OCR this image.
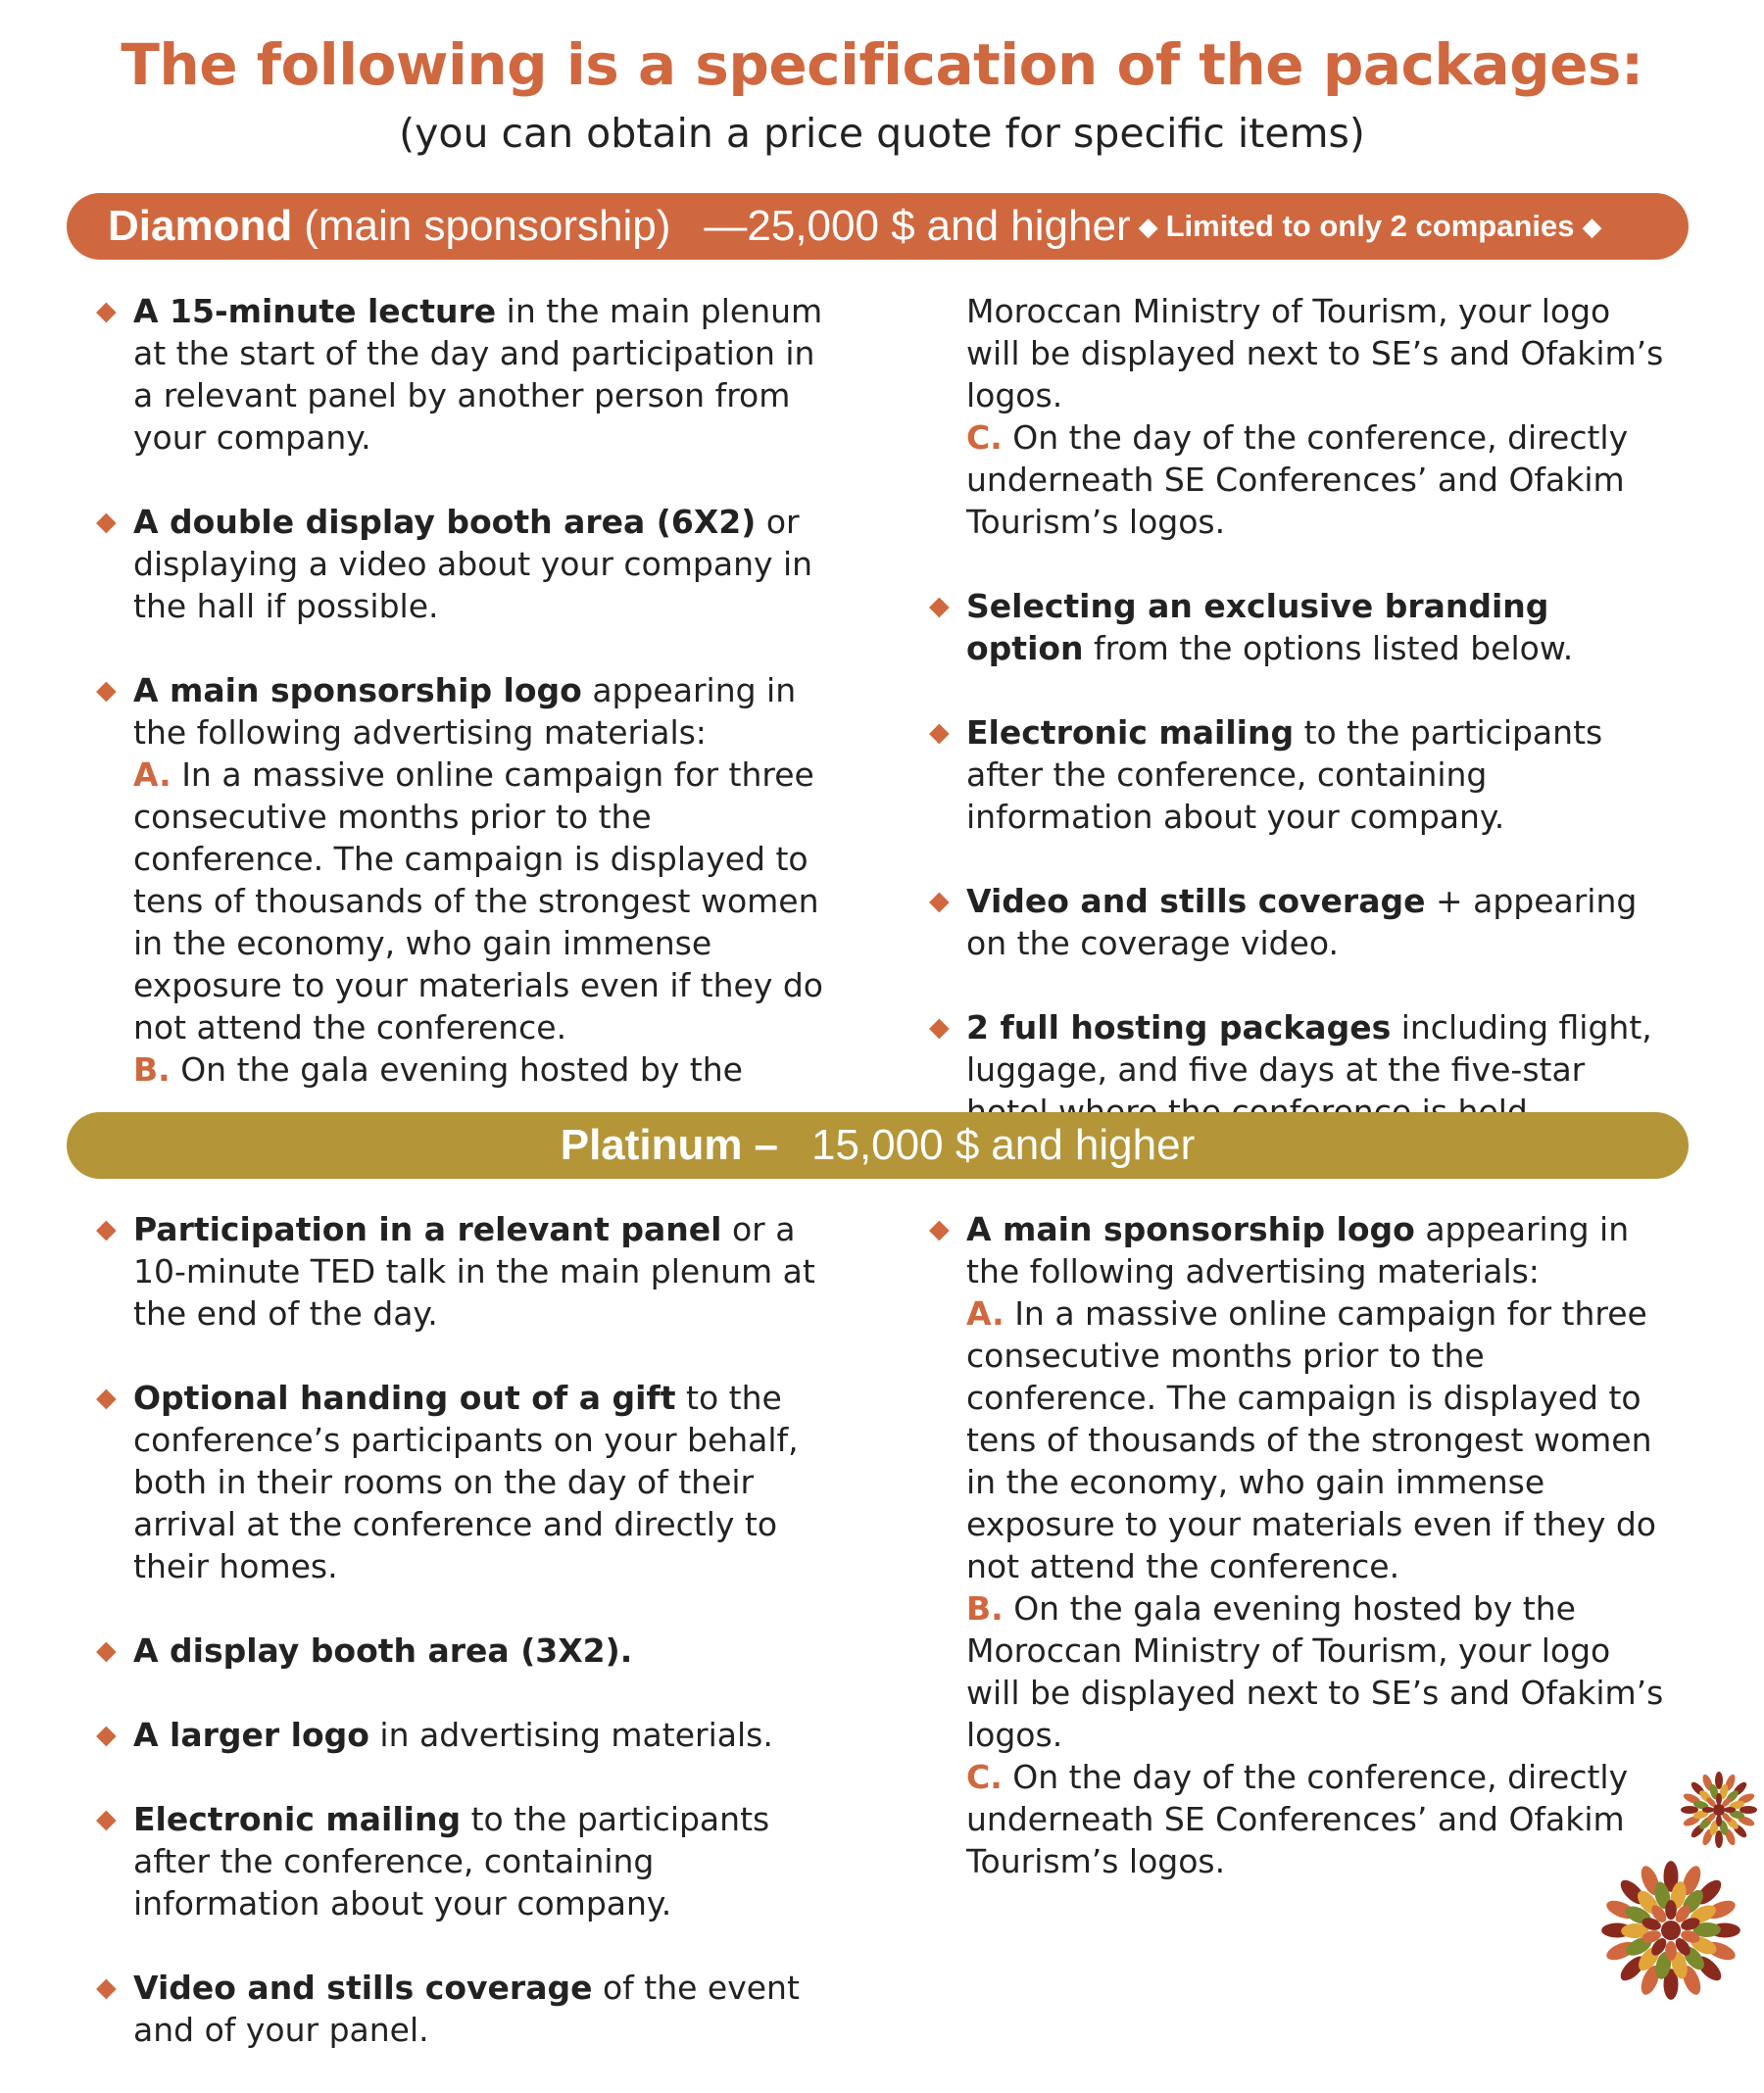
The following is a specification of the packages:
(you can obtain a price quote for specific items)
Diamond (main sponsorship) —25,000 $ and higher ◆ Limited to only 2 companies ◆
◆ A 15-minute lecture in the main plenum at the start of the day and participation in a relevant panel by another person from your company.
◆ A double display booth area (6X2) or displaying a video about your company in the hall if possible.
◆ A main sponsorship logo appearing in the following advertising materials:
A. In a massive online campaign for three consecutive months prior to the conference. The campaign is displayed to tens of thousands of the strongest women in the economy, who gain immense exposure to your materials even if they do not attend the conference.
B. On the gala evening hosted by the
Moroccan Ministry of Tourism, your logo will be displayed next to SE’s and Ofakim’s logos.
C. On the day of the conference, directly underneath SE Conferences’ and Ofakim Tourism’s logos.
◆ Selecting an exclusive branding option from the options listed below.
◆ Electronic mailing to the participants after the conference, containing information about your company.
◆ Video and stills coverage + appearing on the coverage video.
◆ 2 full hosting packages including flight, luggage, and five days at the five-star
Platinum – 15,000 $ and higher
◆ Participation in a relevant panel or a 10-minute TED talk in the main plenum at the end of the day.
◆ Optional handing out of a gift to the conference’s participants on your behalf, both in their rooms on the day of their arrival at the conference and directly to their homes.
◆ A display booth area (3X2).
◆ A larger logo in advertising materials.
◆ Electronic mailing to the participants after the conference, containing information about your company.
◆ Video and stills coverage of the event and of your panel.
◆ A main sponsorship logo appearing in the following advertising materials:
A. In a massive online campaign for three consecutive months prior to the conference. The campaign is displayed to tens of thousands of the strongest women in the economy, who gain immense exposure to your materials even if they do not attend the conference.
B. On the gala evening hosted by the Moroccan Ministry of Tourism, your logo will be displayed next to SE’s and Ofakim’s logos.
C. On the day of the conference, directly underneath SE Conferences’ and Ofakim Tourism’s logos.
